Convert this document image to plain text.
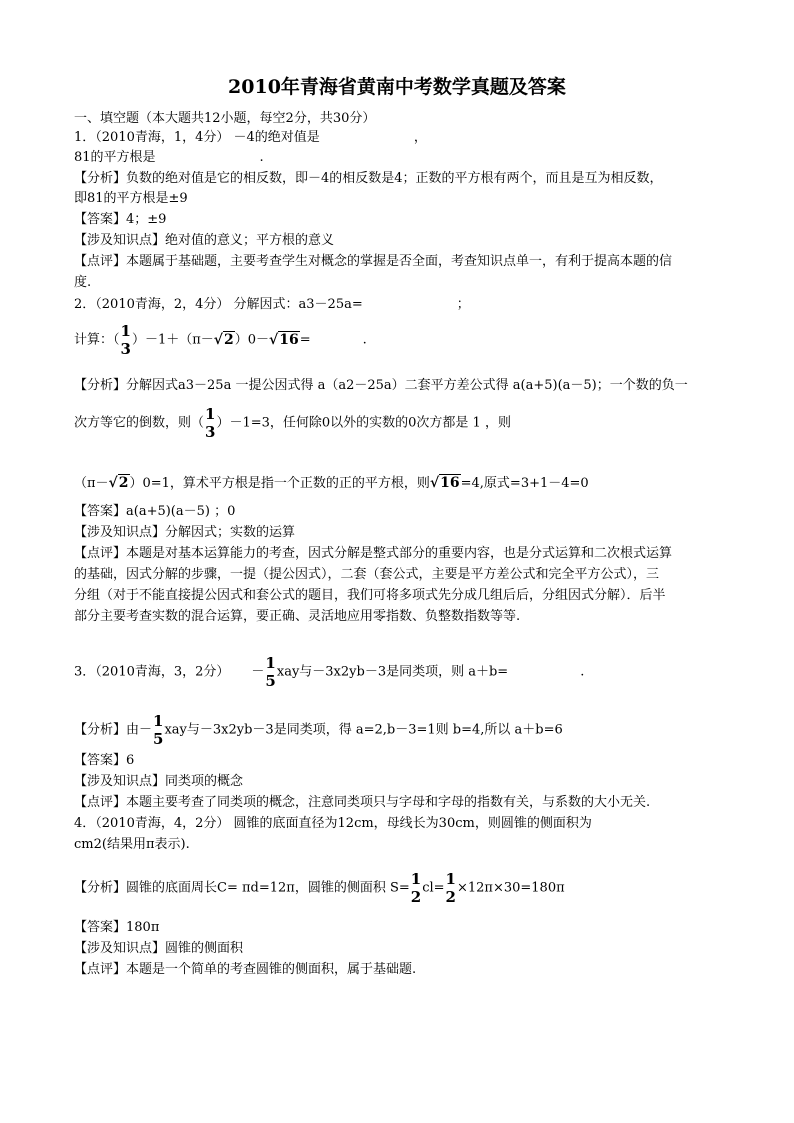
2010年青海省黄南中考数学真题及答案
一、填空题（本大题共12小题，每空2分，共30分）
1．（2010青海，1，4分） －4的绝对值是	，
81的平方根是	.
【分析】负数的绝对值是它的相反数，即－4的相反数是4；正数的平方根有两个，而且是互为相反数，
即81的平方根是±9
【答案】4；±9
【涉及知识点】绝对值的意义；平方根的意义
【点评】本题属于基础题，主要考查学生对概念的掌握是否全面，考查知识点单一，有利于提高本题的信
度.
2．（2010青海，2，4分） 分解因式：a3－25a=	；
计算：（ 1
3 ）－1＋（π－√2）0－√16=	.
【分析】分解因式a3－25a 一提公因式得 a（a2－25a）二套平方差公式得 a(a+5)(a－5)；一个数的负一
次方等它的倒数，则（ 1
3 ）－1=3，任何除0以外的实数的0次方都是 1 ，则
（π－√2）0=1，算术平方根是指一个正数的正的平方根，则√16=4,原式=3+1－4=0
【答案】a(a+5)(a－5) ；0
【涉及知识点】分解因式；实数的运算
【点评】本题是对基本运算能力的考查，因式分解是整式部分的重要内容，也是分式运算和二次根式运算
的基础，因式分解的步骤，一提（提公因式），二套（套公式，主要是平方差公式和完全平方公式），三
分组（对于不能直接提公因式和套公式的题目，我们可将多项式先分成几组后后，分组因式分解）．后半
部分主要考查实数的混合运算，要正确、灵活地应用零指数、负整数指数等等.
3．（2010青海，3，2分） － 1
5 xay与－3x2yb－3是同类项，则 a＋b=	.
【分析】由－ 1
5 xay与－3x2yb－3是同类项，得 a=2,b－3=1则 b=4,所以 a＋b=6
【答案】6
【涉及知识点】同类项的概念
【点评】本题主要考查了同类项的概念，注意同类项只与字母和字母的指数有关，与系数的大小无关.
4．（2010青海，4，2分） 圆锥的底面直径为12cm，母线长为30cm，则圆锥的侧面积为
cm2(结果用π表示).
【分析】圆锥的底面周长C= πd=12π，圆锥的侧面积 S= 1
2 cl= 1
2 ×12π×30=180π
【答案】180π
【涉及知识点】圆锥的侧面积
【点评】本题是一个简单的考查圆锥的侧面积，属于基础题.
